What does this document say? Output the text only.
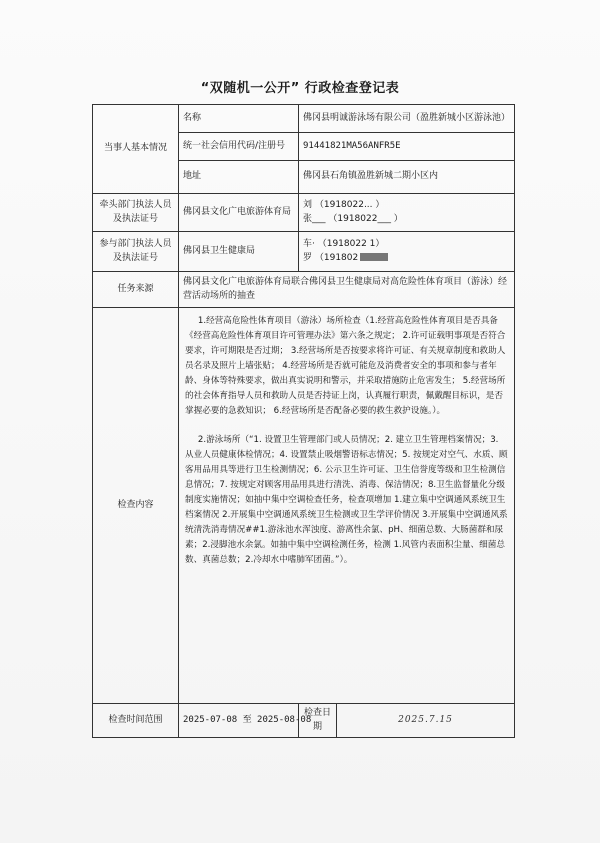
“双随机一公开” 行政检查登记表
当事人基本情况	名称	佛冈县明诚游泳场有限公司（盈胜新城小区游泳池）	
	统一社会信用代码/注册号	91441821MA56ANFR5E	
	地址	佛冈县石角镇盈胜新城二期小区内	
牵头部门执法人员及执法证号	佛冈县文化广电旅游体育局	刘 （1918022... ）
张___ （1918022___ ）	

参与部门执法人员及执法证号	佛冈县卫生健康局	车· （1918022 1）
罗 （191802	

任务来源	佛冈县文化广电旅游体育局联合佛冈县卫生健康局对高危险性体育项目（游泳）经营活动场所的抽查		
检查内容	1.经营高危险性体育项目（游泳）场所检查（1.经营高危险性体育项目是否具备《经营高危险性体育项目许可管理办法》第六条之规定； 2.许可证载明事项是否符合要求，许可期限是否过期； 3.经营场所是否按要求将许可证、有关规章制度和救助人员名录及照片上墙张贴； 4.经营场所是否就可能危及消费者安全的事项和参与者年龄、身体等特殊要求，做出真实说明和警示，并采取措施防止危害发生； 5.经营场所的社会体育指导人员和救助人员是否持证上岗，认真履行职责，佩戴醒目标识，是否掌握必要的急救知识； 6.经营场所是否配备必要的救生救护设施。）。

2.游泳场所（“1. 设置卫生管理部门或人员情况；2. 建立卫生管理档案情况；3. 从业人员健康体检情况；4. 设置禁止吸烟警语标志情况；5. 按规定对空气、水质、顾客用品用具等进行卫生检测情况；6. 公示卫生许可证、卫生信誉度等级和卫生检测信息情况；7. 按规定对顾客用品用具进行清洗、消毒、保洁情况；8.卫生监督量化分级制度实施情况；如抽中集中空调检查任务，检查项增加 1.建立集中空调通风系统卫生档案情况 2.开展集中空调通风系统卫生检测或卫生学评价情况 3.开展集中空调通风系统清洗消毒情况##1.游泳池水浑浊度、游离性余氯、pH、细菌总数、大肠菌群和尿素；2.浸脚池水余氯。如抽中集中空调检测任务，检测 1.风管内表面积尘量、细菌总数、真菌总数；2.冷却水中嗜肺军团菌。”）。		

检查时间范围	2025-07-08 至 2025-08-08	检查日期	2025.7.15
